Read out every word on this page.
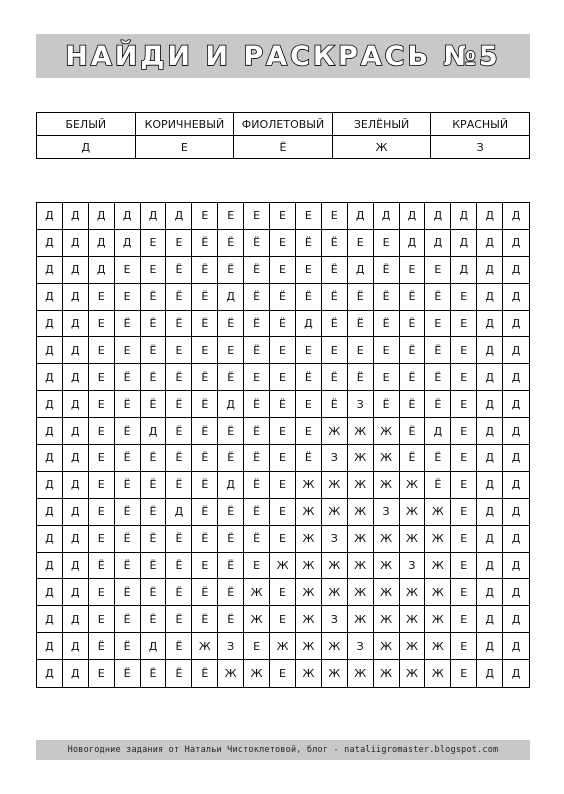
НАЙДИ И РАСКРАСЬ №5
БЕЛЫЙ	КОРИЧНЕВЫЙ	ФИОЛЕТОВЫЙ	ЗЕЛЁНЫЙ	КРАСНЫЙ
Д	Е	Ё	Ж	З
Д	Д	Д	Д	Д	Д	Е	Е	Е	Е	Е	Е	Д	Д	Д	Д	Д	Д	Д
Д	Д	Д	Д	Е	Е	Ё	Ё	Ё	Е	Ё	Ё	Е	Е	Д	Д	Д	Д	Д
Д	Д	Д	Е	Е	Ё	Ё	Ё	Ё	Е	Е	Ё	Д	Ё	Е	Е	Д	Д	Д
Д	Д	Е	Е	Ё	Ё	Ё	Д	Ё	Ё	Ё	Ё	Ё	Ё	Ё	Ё	Е	Д	Д
Д	Д	Е	Ё	Ё	Ё	Ё	Ё	Ё	Ё	Д	Ё	Ё	Ё	Ё	Е	Е	Д	Д
Д	Д	Е	Е	Ё	Е	Е	Е	Ё	Е	Е	Е	Е	Е	Ё	Ё	Е	Д	Д
Д	Д	Е	Ё	Ё	Ё	Ё	Ё	Е	Е	Ё	Ё	Ё	Е	Ё	Ё	Е	Д	Д
Д	Д	Е	Ё	Ё	Ё	Ё	Д	Ё	Ё	Е	Ё	З	Ё	Ё	Ё	Е	Д	Д
Д	Д	Е	Ё	Д	Ё	Ё	Ё	Ё	Е	Е	Ж	Ж	Ж	Ё	Д	Е	Д	Д
Д	Д	Е	Ё	Ё	Ё	Ё	Ё	Ё	Е	Ё	З	Ж	Ж	Ё	Ё	Е	Д	Д
Д	Д	Е	Ё	Ё	Ё	Ё	Д	Ё	Е	Ж	Ж	Ж	Ж	Ж	Ё	Е	Д	Д
Д	Д	Е	Ё	Ё	Д	Ё	Ё	Ё	Е	Ж	Ж	Ж	З	Ж	Ж	Е	Д	Д
Д	Д	Е	Ё	Ё	Ё	Ё	Ё	Ё	Е	Ж	З	Ж	Ж	Ж	Ж	Е	Д	Д
Д	Д	Ё	Ё	Ё	Ё	Е	Ё	Е	Ж	Ж	Ж	Ж	Ж	З	Ж	Е	Д	Д
Д	Д	Е	Ё	Ё	Ё	Ё	Ё	Ж	Е	Ж	Ж	Ж	Ж	Ж	Ж	Е	Д	Д
Д	Д	Е	Ё	Ё	Ё	Ё	Ё	Ж	Е	Ж	З	Ж	Ж	Ж	Ж	Е	Д	Д
Д	Д	Ё	Ё	Д	Ё	Ж	З	Е	Ж	Ж	Ж	З	Ж	Ж	Ж	Е	Д	Д
Д	Д	Е	Ё	Ё	Ё	Ё	Ж	Ж	Е	Ж	Ж	Ж	Ж	Ж	Ж	Е	Д	Д
Новогодние задания от Натальи Чистоклетовой, блог - nataliigromaster.blogspot.com
